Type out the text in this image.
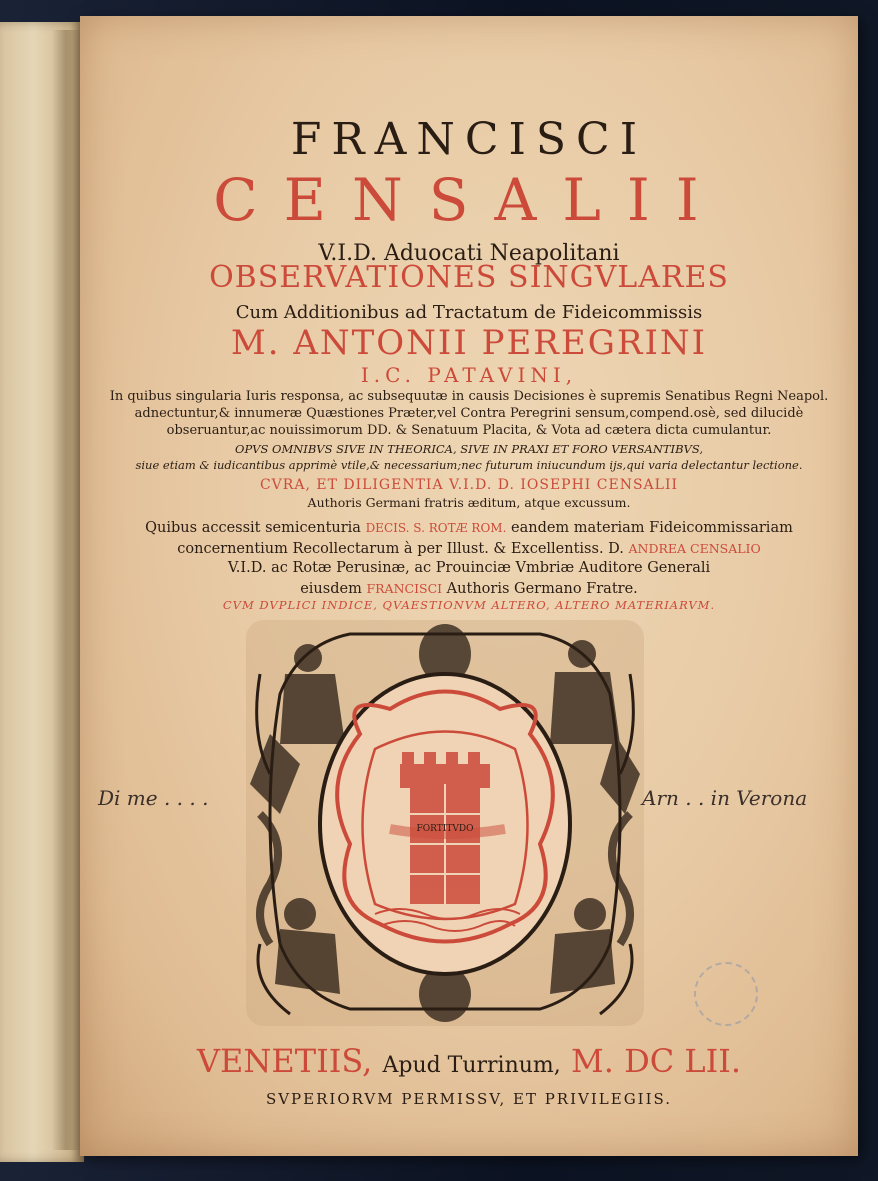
FRANCISCI
CENSALII
V.I.D. Aduocati Neapolitani
OBSERVATIONES SINGVLARES
Cum Additionibus ad Tractatum de Fideicommissis
M. ANTONII PEREGRINI
I.C. PATAVINI,
In quibus singularia Iuris responsa, ac subsequutæ in causis Decisiones è supremis Senatibus Regni Neapol.
adnectuntur,& innumeræ Quæstiones Præter,vel Contra Peregrini sensum,compend.osè, sed dilucidè
obseruantur,ac nouissimorum DD. & Senatuum Placita, & Vota ad cætera dicta cumulantur.
OPVS OMNIBVS SIVE IN THEORICA, SIVE IN PRAXI ET FORO VERSANTIBVS,
siue etiam & iudicantibus apprimè vtile,& necessarium;nec futurum iniucundum ijs,qui varia delectantur lectione.
CVRA, ET DILIGENTIA V.I.D. D. IOSEPHI CENSALII
Authoris Germani fratris æditum, atque excussum.
Quibus accessit semicenturia DECIS. S. ROTÆ ROM. eandem materiam Fideicommissariam
concernentium Recollectarum à per Illust. & Excellentiss. D. ANDREA CENSALIO
V.I.D. ac Rotæ Perusinæ, ac Prouinciæ Vmbriæ Auditore Generali
eiusdem FRANCISCI Authoris Germano Fratre.
CVM DVPLICI INDICE, QVAESTIONVM ALTERO, ALTERO MATERIARVM.
FORTITVDO
Di me . . . .	Arn . . in Verona
VENETIIS, Apud Turrinum, M. DC LII.
SVPERIORVM PERMISSV, ET PRIVILEGIIS.
